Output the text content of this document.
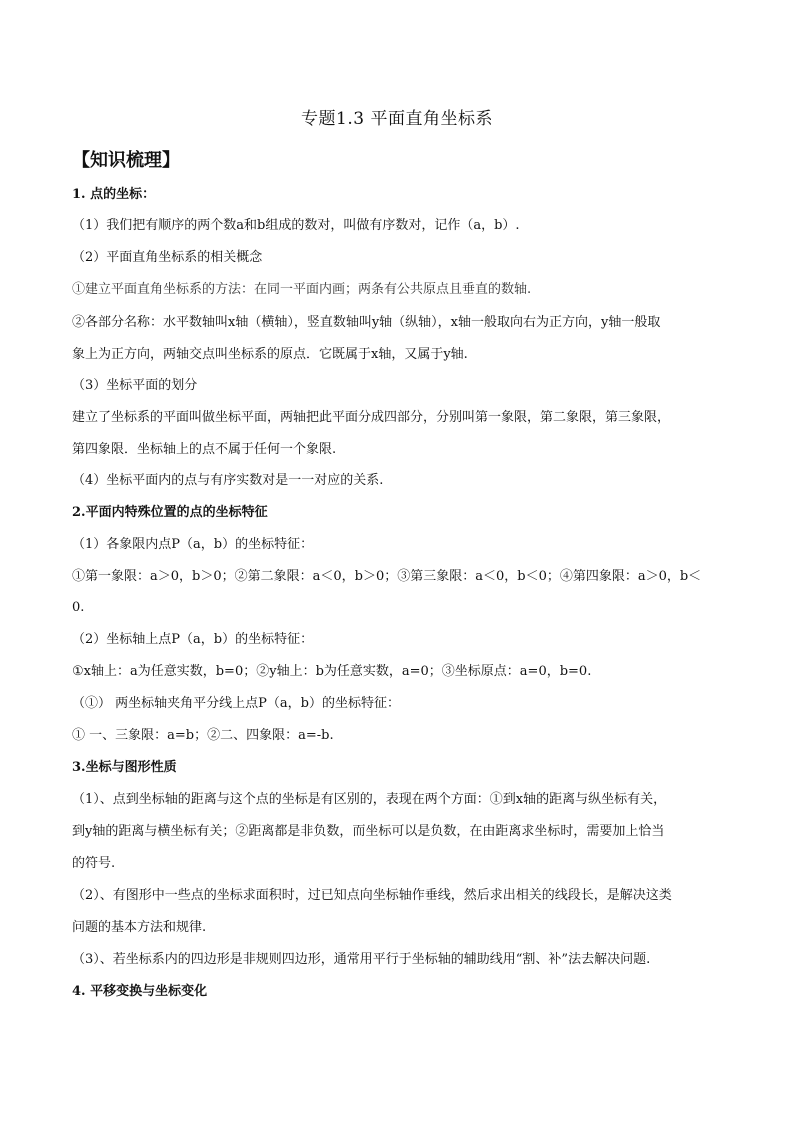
专题1.3 平面直角坐标系
【知识梳理】
1. 点的坐标：
（1）我们把有顺序的两个数a和b组成的数对，叫做有序数对，记作（a，b）.
（2）平面直角坐标系的相关概念
①建立平面直角坐标系的方法：在同一平面内画；两条有公共原点且垂直的数轴.
②各部分名称：水平数轴叫x轴（横轴），竖直数轴叫y轴（纵轴），x轴一般取向右为正方向，y轴一般取
象上为正方向，两轴交点叫坐标系的原点．它既属于x轴，又属于y轴.
（3）坐标平面的划分
建立了坐标系的平面叫做坐标平面，两轴把此平面分成四部分，分别叫第一象限，第二象限，第三象限，
第四象限．坐标轴上的点不属于任何一个象限.
（4）坐标平面内的点与有序实数对是一一对应的关系.
2.平面内特殊位置的点的坐标特征
（1）各象限内点P（a，b）的坐标特征：
①第一象限：a＞0，b＞0；②第二象限：a＜0，b＞0；③第三象限：a＜0，b＜0；④第四象限：a＞0，b＜
0.
（2）坐标轴上点P（a，b）的坐标特征：
①x轴上：a为任意实数，b=0；②y轴上：b为任意实数，a=0；③坐标原点：a=0，b=0.
（①） 两坐标轴夹角平分线上点P（a，b）的坐标特征：
① 一、三象限：a=b；②二、四象限：a=-b.
3.坐标与图形性质
（1）、点到坐标轴的距离与这个点的坐标是有区别的，表现在两个方面：①到x轴的距离与纵坐标有关，
到y轴的距离与横坐标有关；②距离都是非负数，而坐标可以是负数，在由距离求坐标时，需要加上恰当
的符号.
（2）、有图形中一些点的坐标求面积时，过已知点向坐标轴作垂线，然后求出相关的线段长，是解决这类
问题的基本方法和规律.
（3）、若坐标系内的四边形是非规则四边形，通常用平行于坐标轴的辅助线用“割、补”法去解决问题.
4. 平移变换与坐标变化
